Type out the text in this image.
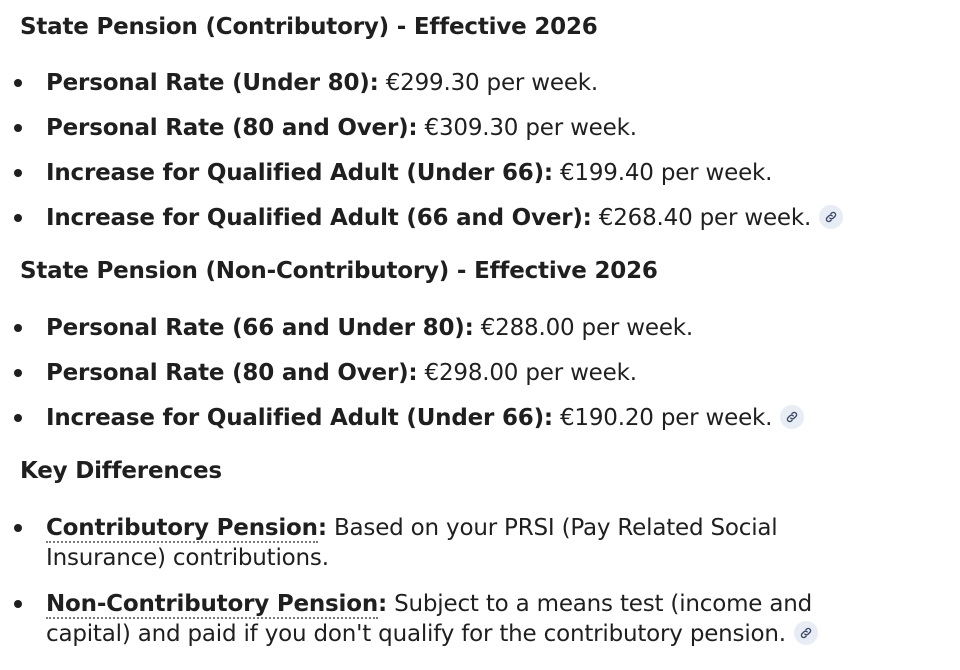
State Pension (Contributory) - Effective 2026
Personal Rate (Under 80): €299.30 per week.
Personal Rate (80 and Over): €309.30 per week.
Increase for Qualified Adult (Under 66): €199.40 per week.
Increase for Qualified Adult (66 and Over): €268.40 per week.
State Pension (Non-Contributory) - Effective 2026
Personal Rate (66 and Under 80): €288.00 per week.
Personal Rate (80 and Over): €298.00 per week.
Increase for Qualified Adult (Under 66): €190.20 per week.
Key Differences
Contributory Pension: Based on your PRSI (Pay Related Social
Insurance) contributions.
Non-Contributory Pension: Subject to a means test (income and
capital) and paid if you don't qualify for the contributory pension.
